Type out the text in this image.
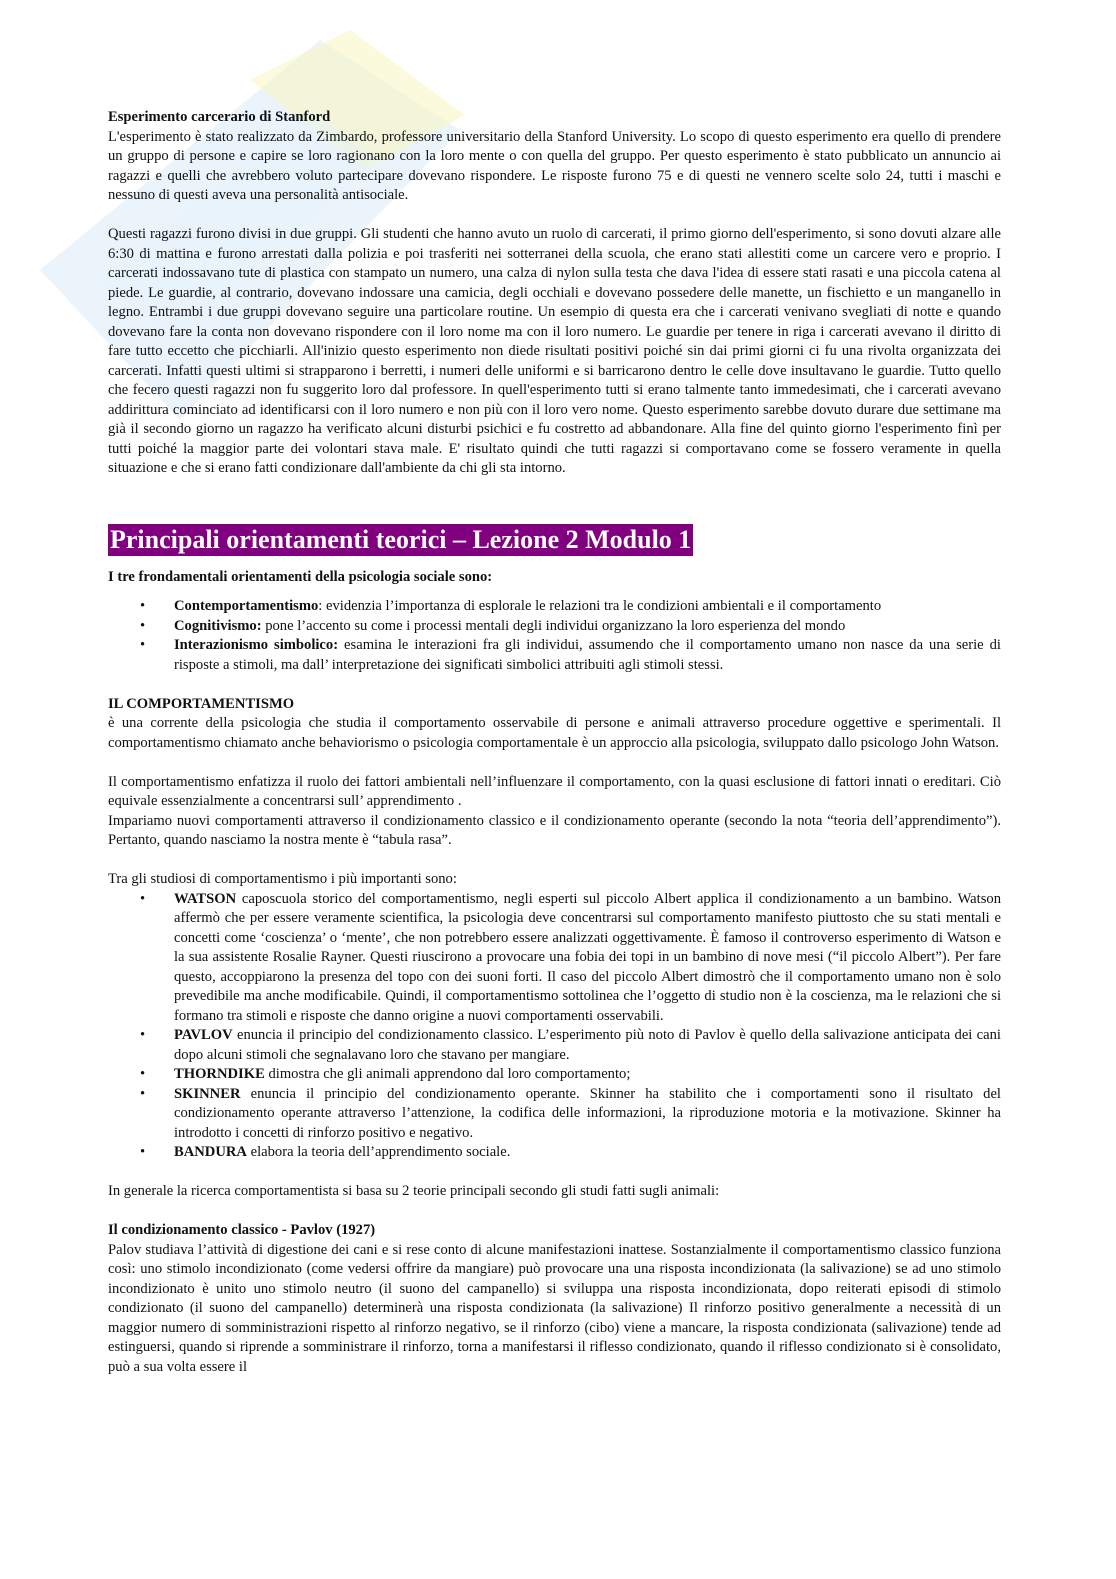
Esperimento carcerario di Stanford

L'esperimento è stato realizzato da Zimbardo, professore universitario della Stanford University. Lo scopo di questo esperimento era quello di prendere un gruppo di persone e capire se loro ragionano con la loro mente o con quella del gruppo. Per questo esperimento è stato pubblicato un annuncio ai ragazzi e quelli che avrebbero voluto partecipare dovevano rispondere. Le risposte furono 75 e di questi ne vennero scelte solo 24, tutti i maschi e nessuno di questi aveva una personalità antisociale.

Questi ragazzi furono divisi in due gruppi. Gli studenti che hanno avuto un ruolo di carcerati, il primo giorno dell'esperimento, si sono dovuti alzare alle 6:30 di mattina e furono arrestati dalla polizia e poi trasferiti nei sotterranei della scuola, che erano stati allestiti come un carcere vero e proprio. I carcerati indossavano tute di plastica con stampato un numero, una calza di nylon sulla testa che dava l'idea di essere stati rasati e una piccola catena al piede. Le guardie, al contrario, dovevano indossare una camicia, degli occhiali e dovevano possedere delle manette, un fischietto e un manganello in legno. Entrambi i due gruppi dovevano seguire una particolare routine. Un esempio di questa era che i carcerati venivano svegliati di notte e quando dovevano fare la conta non dovevano rispondere con il loro nome ma con il loro numero. Le guardie per tenere in riga i carcerati avevano il diritto di fare tutto eccetto che picchiarli. All'inizio questo esperimento non diede risultati positivi poiché sin dai primi giorni ci fu una rivolta organizzata dei carcerati. Infatti questi ultimi si strapparono i berretti, i numeri delle uniformi e si barricarono dentro le celle dove insultavano le guardie. Tutto quello che fecero questi ragazzi non fu suggerito loro dal professore. In quell'esperimento tutti si erano talmente tanto immedesimati, che i carcerati avevano addirittura cominciato ad identificarsi con il loro numero e non più con il loro vero nome. Questo esperimento sarebbe dovuto durare due settimane ma già il secondo giorno un ragazzo ha verificato alcuni disturbi psichici e fu costretto ad abbandonare. Alla fine del quinto giorno l'esperimento finì per tutti poiché la maggior parte dei volontari stava male. E' risultato quindi che tutti ragazzi si comportavano come se fossero veramente in quella situazione e che si erano fatti condizionare dall'ambiente da chi gli sta intorno.

Principali orientamenti teorici – Lezione 2 Modulo 1

I tre frondamentali orientamenti della psicologia sociale sono:

• Contemportamentismo: evidenzia l’importanza di esplorale le relazioni tra le condizioni ambientali e il comportamento
• Cognitivismo: pone l’accento su come i processi mentali degli individui organizzano la loro esperienza del mondo
• Interazionismo simbolico: esamina le interazioni fra gli individui, assumendo che il comportamento umano non nasce da una serie di risposte a stimoli, ma dall’ interpretazione dei significati simbolici attribuiti agli stimoli stessi.

IL COMPORTAMENTISMO

è una corrente della psicologia che studia il comportamento osservabile di persone e animali attraverso procedure oggettive e sperimentali. Il comportamentismo chiamato anche behaviorismo o psicologia comportamentale è un approccio alla psicologia, sviluppato dallo psicologo John Watson.

Il comportamentismo enfatizza il ruolo dei fattori ambientali nell’influenzare il comportamento, con la quasi esclusione di fattori innati o ereditari. Ciò equivale essenzialmente a concentrarsi sull’ apprendimento .

Impariamo nuovi comportamenti attraverso il condizionamento classico e il condizionamento operante (secondo la nota “teoria dell’apprendimento”). Pertanto, quando nasciamo la nostra mente è “tabula rasa”.

Tra gli studiosi di comportamentismo i più importanti sono:

• WATSON caposcuola storico del comportamentismo, negli esperti sul piccolo Albert applica il condizionamento a un bambino. Watson affermò che per essere veramente scientifica, la psicologia deve concentrarsi sul comportamento manifesto piuttosto che su stati mentali e concetti come ‘coscienza’ o ‘mente’, che non potrebbero essere analizzati oggettivamente. È famoso il controverso esperimento di Watson e la sua assistente Rosalie Rayner. Questi riuscirono a provocare una fobia dei topi in un bambino di nove mesi (“il piccolo Albert”). Per fare questo, accoppiarono la presenza del topo con dei suoni forti. Il caso del piccolo Albert dimostrò che il comportamento umano non è solo prevedibile ma anche modificabile. Quindi, il comportamentismo sottolinea che l’oggetto di studio non è la coscienza, ma le relazioni che si formano tra stimoli e risposte che danno origine a nuovi comportamenti osservabili.
• PAVLOV enuncia il principio del condizionamento classico. L’esperimento più noto di Pavlov è quello della salivazione anticipata dei cani dopo alcuni stimoli che segnalavano loro che stavano per mangiare.
• THORNDIKE dimostra che gli animali apprendono dal loro comportamento;
• SKINNER enuncia il principio del condizionamento operante. Skinner ha stabilito che i comportamenti sono il risultato del condizionamento operante attraverso l’attenzione, la codifica delle informazioni, la riproduzione motoria e la motivazione. Skinner ha introdotto i concetti di rinforzo positivo e negativo.
• BANDURA elabora la teoria dell’apprendimento sociale.

In generale la ricerca comportamentista si basa su 2 teorie principali secondo gli studi fatti sugli animali:

Il condizionamento classico - Pavlov (1927)

Palov studiava l’attività di digestione dei cani e si rese conto di alcune manifestazioni inattese. Sostanzialmente il comportamentismo classico funziona così: uno stimolo incondizionato (come vedersi offrire da mangiare) può provocare una una risposta incondizionata (la salivazione) se ad uno stimolo incondizionato è unito uno stimolo neutro (il suono del campanello) si sviluppa una risposta incondizionata, dopo reiterati episodi di stimolo condizionato (il suono del campanello) determinerà una risposta condizionata (la salivazione) Il rinforzo positivo generalmente a necessità di un maggior numero di somministrazioni rispetto al rinforzo negativo, se il rinforzo (cibo) viene a mancare, la risposta condizionata (salivazione) tende ad estinguersi, quando si riprende a somministrare il rinforzo, torna a manifestarsi il riflesso condizionato, quando il riflesso condizionato si è consolidato, può a sua volta essere il
